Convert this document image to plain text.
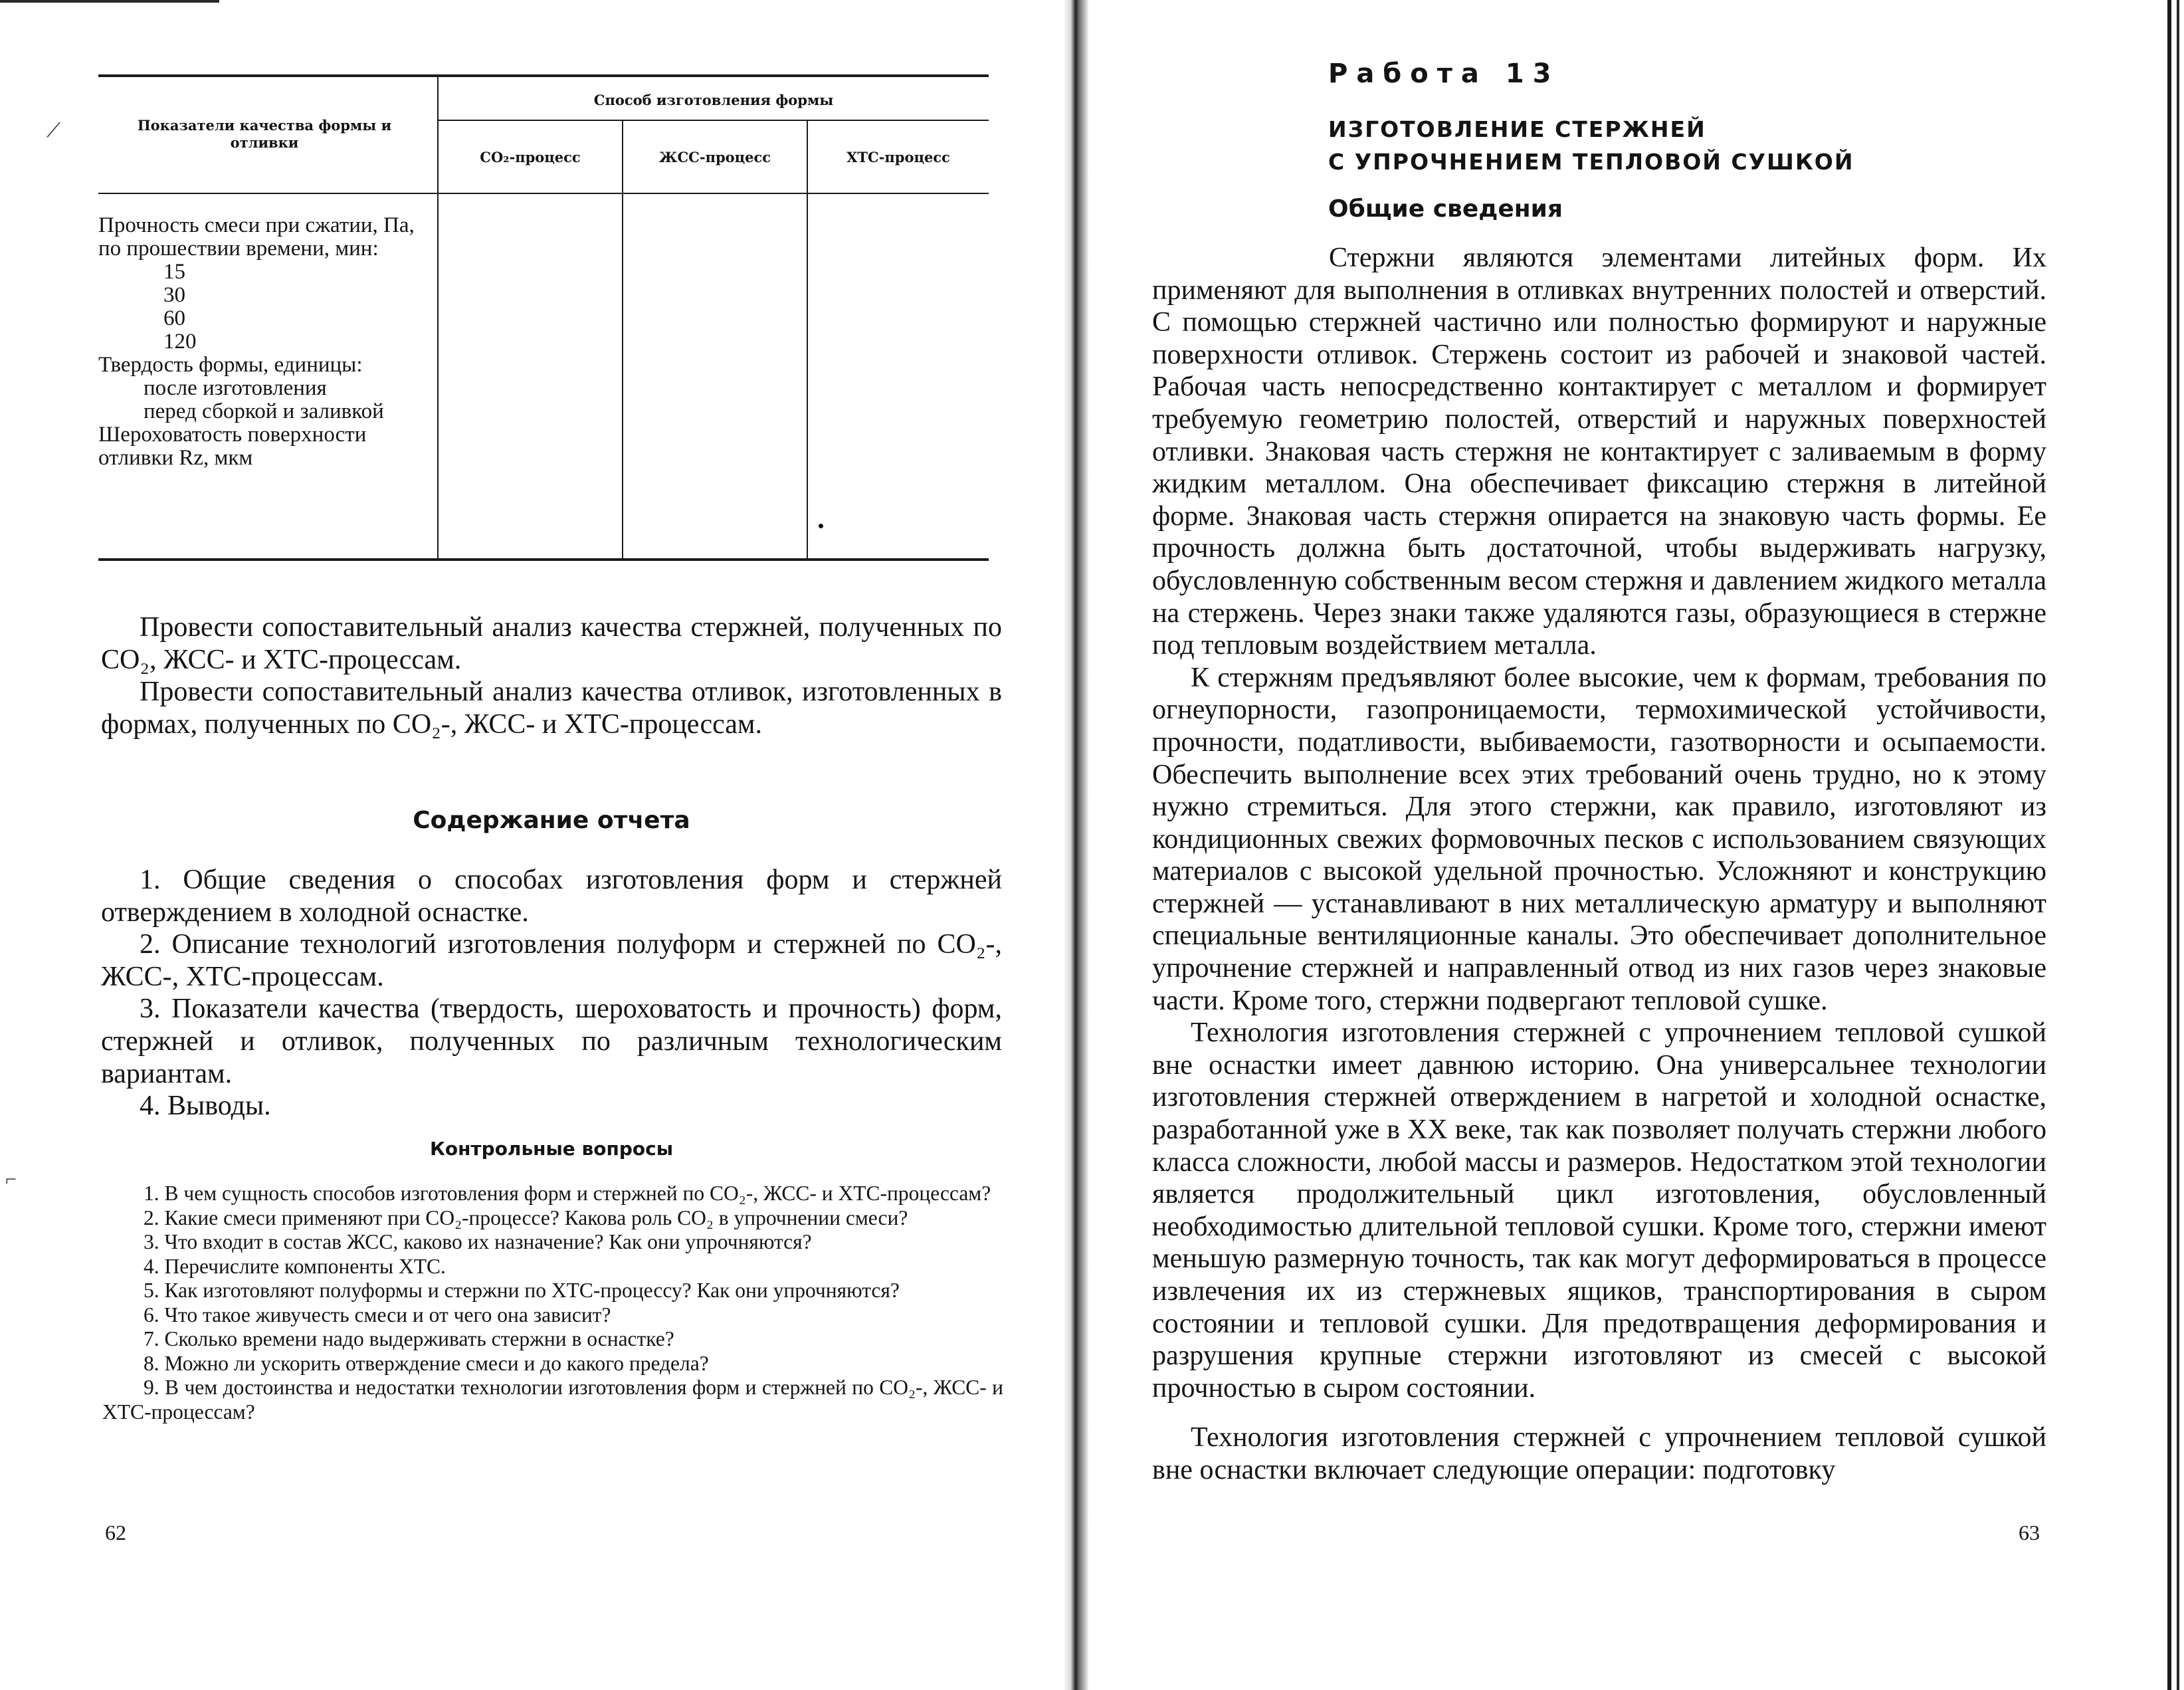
⟋
⌐
Показатели качества формы и отливки
Способ изготовления формы
CO₂-процесс	ЖСС-процесс	ХТС-процесс
Прочность смеси при сжатии, Па, по прошествии времени, мин:
15
30
60
120
Твердость формы, единицы:
после изготовления
перед сборкой и заливкой
Шероховатость поверхности отливки Rz, мкм

Провести сопоставительный анализ качества стержней, полученных по CO₂, ЖСС- и ХТС-процессам.

Провести сопоставительный анализ качества отливок, изготовленных в формах, полученных по CO₂-, ЖСС- и ХТС-процессам.

Содержание отчета

1. Общие сведения о способах изготовления форм и стержней отверждением в холодной оснастке.

2. Описание технологий изготовления полуформ и стержней по CO₂-, ЖСС-, ХТС-процессам.

3. Показатели качества (твердость, шероховатость и прочность) форм, стержней и отливок, полученных по различным технологическим вариантам.

4. Выводы.

Контрольные вопросы

1. В чем сущность способов изготовления форм и стержней по CO₂-, ЖСС- и ХТС-процессам?

2. Какие смеси применяют при CO₂-процессе? Какова роль CO₂ в упрочнении смеси?

3. Что входит в состав ЖСС, каково их назначение? Как они упрочняются?

4. Перечислите компоненты ХТС.

5. Как изготовляют полуформы и стержни по ХТС-процессу? Как они упрочняются?

6. Что такое живучесть смеси и от чего она зависит?

7. Сколько времени надо выдерживать стержни в оснастке?

8. Можно ли ускорить отверждение смеси и до какого предела?

9. В чем достоинства и недостатки технологии изготовления форм и стержней по CO₂-, ЖСС- и ХТС-процессам?

62
Работа 13
ИЗГОТОВЛЕНИЕ СТЕРЖНЕЙ
С УПРОЧНЕНИЕМ ТЕПЛОВОЙ СУШКОЙ
Общие сведения

Стержни являются элементами литейных форм. Их применяют для выполнения в отливках внутренних полостей и отверстий. С помощью стержней частично или полностью формируют и наружные поверхности отливок. Стержень состоит из рабочей и знаковой частей. Рабочая часть непосредственно контактирует с металлом и формирует требуемую геометрию полостей, отверстий и наружных поверхностей отливки. Знаковая часть стержня не контактирует с заливаемым в форму жидким металлом. Она обеспечивает фиксацию стержня в литейной форме. Знаковая часть стержня опирается на знаковую часть формы. Ее прочность должна быть достаточной, чтобы выдерживать нагрузку, обусловленную собственным весом стержня и давлением жидкого металла на стержень. Через знаки также удаляются газы, образующиеся в стержне под тепловым воздействием металла.

К стержням предъявляют более высокие, чем к формам, требования по огнеупорности, газопроницаемости, термохимической устойчивости, прочности, податливости, выбиваемости, газотворности и осыпаемости. Обеспечить выполнение всех этих требований очень трудно, но к этому нужно стремиться. Для этого стержни, как правило, изготовляют из кондиционных свежих формовочных песков с использованием связующих материалов с высокой удельной прочностью. Усложняют и конструкцию стержней — устанавливают в них металлическую арматуру и выполняют специальные вентиляционные каналы. Это обеспечивает дополнительное упрочнение стержней и направленный отвод из них газов через знаковые части. Кроме того, стержни подвергают тепловой сушке.

Технология изготовления стержней с упрочнением тепловой сушкой вне оснастки имеет давнюю историю. Она универсальнее технологии изготовления стержней отверждением в нагретой и холодной оснастке, разработанной уже в XX веке, так как позволяет получать стержни любого класса сложности, любой массы и размеров. Недостатком этой технологии является продолжительный цикл изготовления, обусловленный необходимостью длительной тепловой сушки. Кроме того, стержни имеют меньшую размерную точность, так как могут деформироваться в процессе извлечения их из стержневых ящиков, транспортирования в сыром состоянии и тепловой сушки. Для предотвращения деформирования и разрушения крупные стержни изготовляют из смесей с высокой прочностью в сыром состоянии.

Технология изготовления стержней с упрочнением тепловой сушкой вне оснастки включает следующие операции: подготовку

63
